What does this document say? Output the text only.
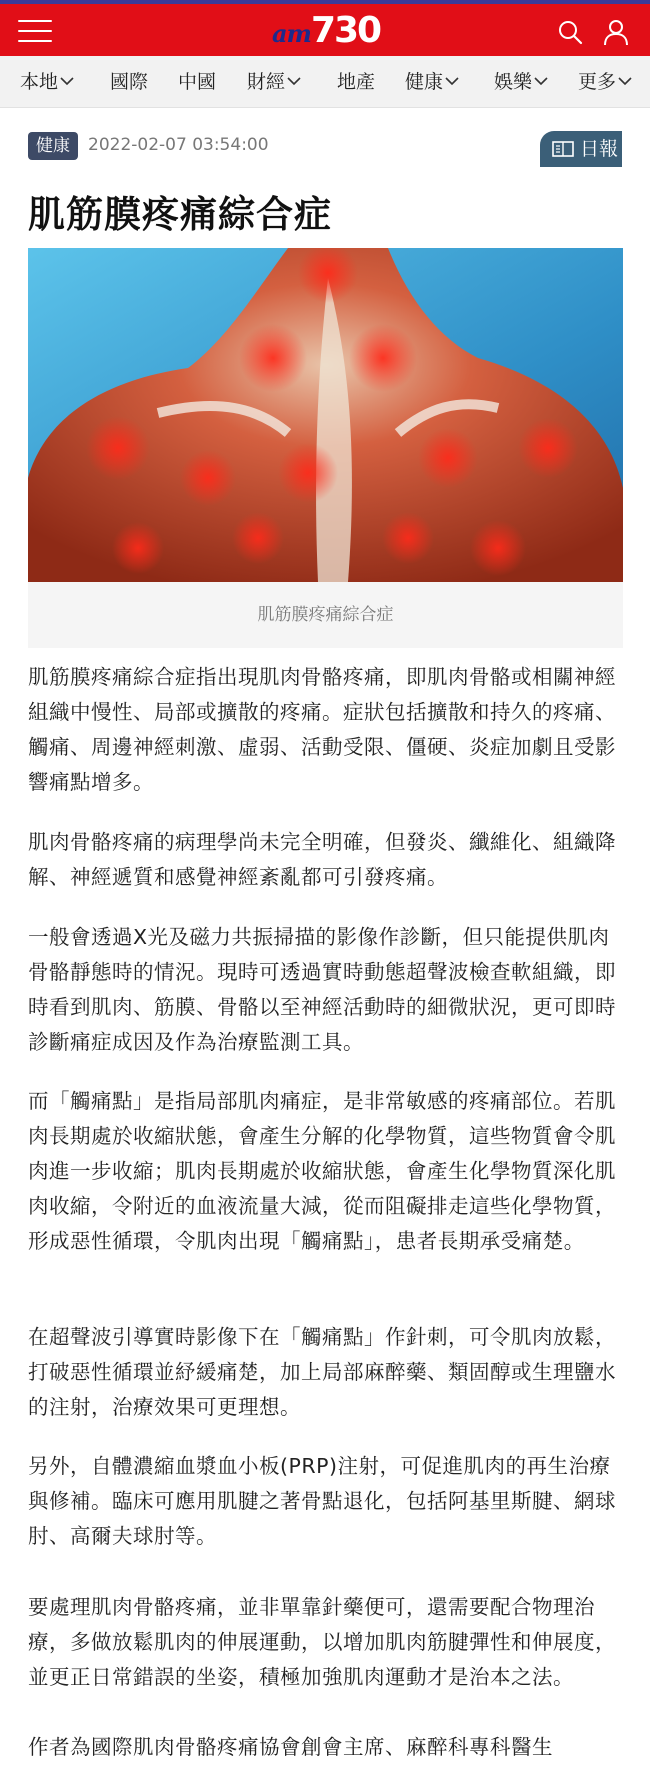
am 730
本地	國際 中國 財經	地產 健康	娛樂	更多
健康	2022-02-07 03:54:00	日報
肌筋膜疼痛綜合症
肌筋膜疼痛綜合症

肌筋膜疼痛綜合症指出現肌肉骨骼疼痛，即肌肉骨骼或相關神經組織中慢性、局部或擴散的疼痛。症狀包括擴散和持久的疼痛、觸痛、周邊神經刺激、虛弱、活動受限、僵硬、炎症加劇且受影響痛點增多。

肌肉骨骼疼痛的病理學尚未完全明確，但發炎、纖維化、組織降解、神經遞質和感覺神經紊亂都可引發疼痛。

一般會透過X光及磁力共振掃描的影像作診斷，但只能提供肌肉骨骼靜態時的情況。現時可透過實時動態超聲波檢查軟組織，即時看到肌肉、筋膜、骨骼以至神經活動時的細微狀況，更可即時診斷痛症成因及作為治療監測工具。

而「觸痛點」是指局部肌肉痛症，是非常敏感的疼痛部位。若肌肉長期處於收縮狀態，會產生分解的化學物質，這些物質會令肌肉進一步收縮；肌肉長期處於收縮狀態，會產生化學物質深化肌肉收縮，令附近的血液流量大減，從而阻礙排走這些化學物質，形成惡性循環，令肌肉出現「觸痛點」，患者長期承受痛楚。

在超聲波引導實時影像下在「觸痛點」作針刺，可令肌肉放鬆，打破惡性循環並紓緩痛楚，加上局部麻醉藥、類固醇或生理鹽水的注射，治療效果可更理想。

另外，自體濃縮血漿血小板(PRP)注射，可促進肌肉的再生治療與修補。臨床可應用肌腱之著骨點退化，包括阿基里斯腱、網球肘、高爾夫球肘等。

要處理肌肉骨骼疼痛，並非單靠針藥便可，還需要配合物理治療，多做放鬆肌肉的伸展運動，以增加肌肉筋腱彈性和伸展度，並更正日常錯誤的坐姿，積極加強肌肉運動才是治本之法。

作者為國際肌肉骨骼疼痛協會創會主席、麻醉科專科醫生
